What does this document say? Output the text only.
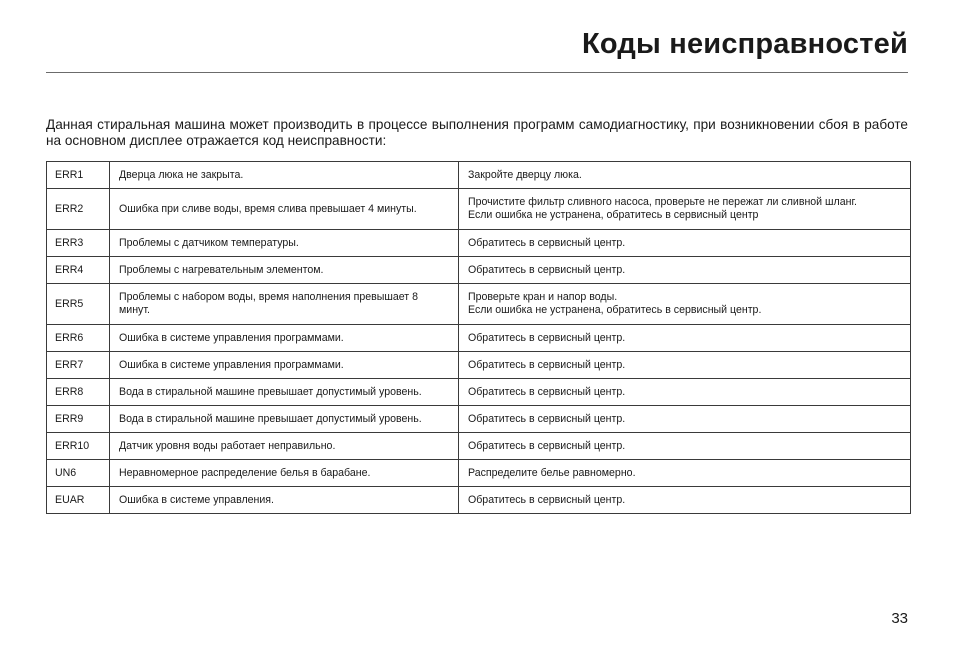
Коды неисправностей

Данная стиральная машина может производить в процессе выполнения программ самодиагностику, при возникновении сбоя в работе на основном дисплее отражается код неисправности:

ERR1	Дверца люка не закрыта.	Закройте дверцу люка.
ERR2	Ошибка при сливе воды, время слива превышает 4 минуты.	Прочистите фильтр сливного насоса, проверьте не пережат ли сливной шланг.
Если ошибка не устранена, обратитесь в сервисный центр

ERR3	Проблемы с датчиком температуры.	Обратитесь в сервисный центр.
ERR4	Проблемы с нагревательным элементом.	Обратитесь в сервисный центр.
ERR5	Проблемы с набором воды, время наполнения превышает 8 минут.	Проверьте кран и напор воды.
Если ошибка не устранена, обратитесь в сервисный центр.

ERR6	Ошибка в системе управления программами.	Обратитесь в сервисный центр.
ERR7	Ошибка в системе управления программами.	Обратитесь в сервисный центр.
ERR8	Вода в стиральной машине превышает допустимый уровень.	Обратитесь в сервисный центр.
ERR9	Вода в стиральной машине превышает допустимый уровень.	Обратитесь в сервисный центр.
ERR10	Датчик уровня воды работает неправильно.	Обратитесь в сервисный центр.
UN6	Неравномерное распределение белья в барабане.	Распределите белье равномерно.
EUAR	Ошибка в системе управления.	Обратитесь в сервисный центр.
33
